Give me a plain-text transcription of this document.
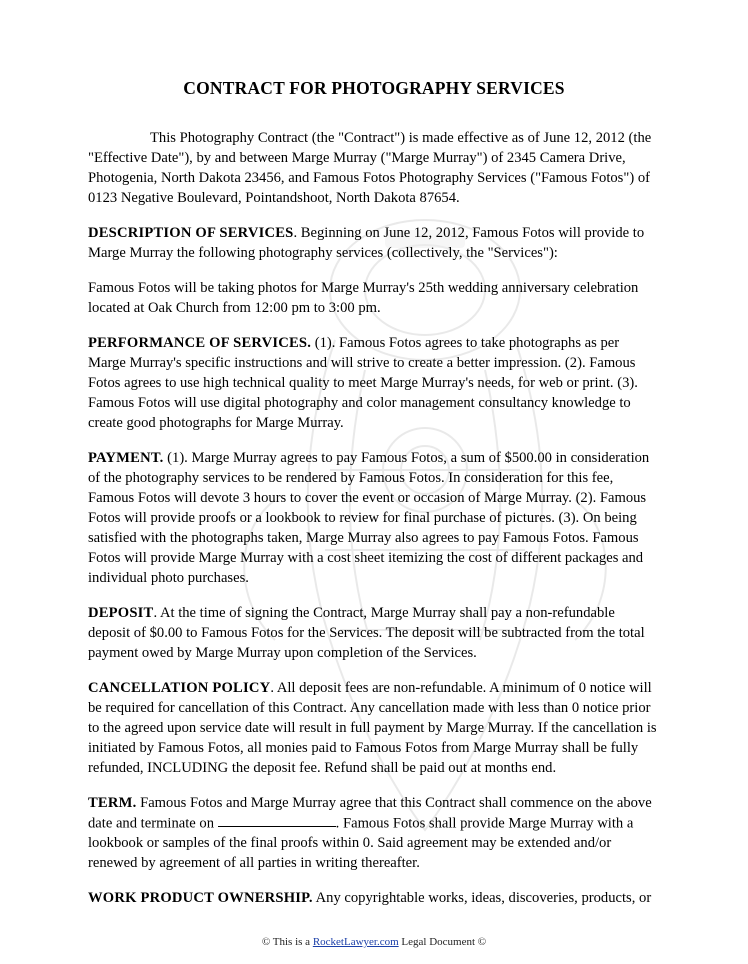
CONTRACT FOR PHOTOGRAPHY SERVICES

This Photography Contract (the "Contract") is made effective as of June 12, 2012 (the "Effective Date"), by and between Marge Murray ("Marge Murray") of 2345 Camera Drive, Photogenia, North Dakota 23456, and Famous Fotos Photography Services ("Famous Fotos") of 0123 Negative Boulevard, Pointandshoot, North Dakota 87654.

DESCRIPTION OF SERVICES. Beginning on June 12, 2012, Famous Fotos will provide to Marge Murray the following photography services (collectively, the "Services"):

Famous Fotos will be taking photos for Marge Murray's 25th wedding anniversary celebration located at Oak Church from 12:00 pm to 3:00 pm.

PERFORMANCE OF SERVICES. (1). Famous Fotos agrees to take photographs as per Marge Murray's specific instructions and will strive to create a better impression. (2). Famous Fotos agrees to use high technical quality to meet Marge Murray's needs, for web or print. (3). Famous Fotos will use digital photography and color management consultancy knowledge to create good photographs for Marge Murray.

PAYMENT. (1). Marge Murray agrees to pay Famous Fotos, a sum of $500.00 in consideration of the photography services to be rendered by Famous Fotos. In consideration for this fee, Famous Fotos will devote 3 hours to cover the event or occasion of Marge Murray. (2). Famous Fotos will provide proofs or a lookbook to review for final purchase of pictures. (3). On being satisfied with the photographs taken, Marge Murray also agrees to pay Famous Fotos. Famous Fotos will provide Marge Murray with a cost sheet itemizing the cost of different packages and individual photo purchases.

DEPOSIT. At the time of signing the Contract, Marge Murray shall pay a non-refundable deposit of $0.00 to Famous Fotos for the Services. The deposit will be subtracted from the total payment owed by Marge Murray upon completion of the Services.

CANCELLATION POLICY. All deposit fees are non-refundable. A minimum of 0 notice will be required for cancellation of this Contract. Any cancellation made with less than 0 notice prior to the agreed upon service date will result in full payment by Marge Murray. If the cancellation is initiated by Famous Fotos, all monies paid to Famous Fotos from Marge Murray shall be fully refunded, INCLUDING the deposit fee. Refund shall be paid out at months end.

TERM. Famous Fotos and Marge Murray agree that this Contract shall commence on the above date and terminate on	. Famous Fotos shall provide Marge Murray with a lookbook or samples of the final proofs within 0. Said agreement may be extended and/or renewed by agreement of all parties in writing thereafter.

WORK PRODUCT OWNERSHIP. Any copyrightable works, ideas, discoveries, products, or

© This is a RocketLawyer.com Legal Document ©
